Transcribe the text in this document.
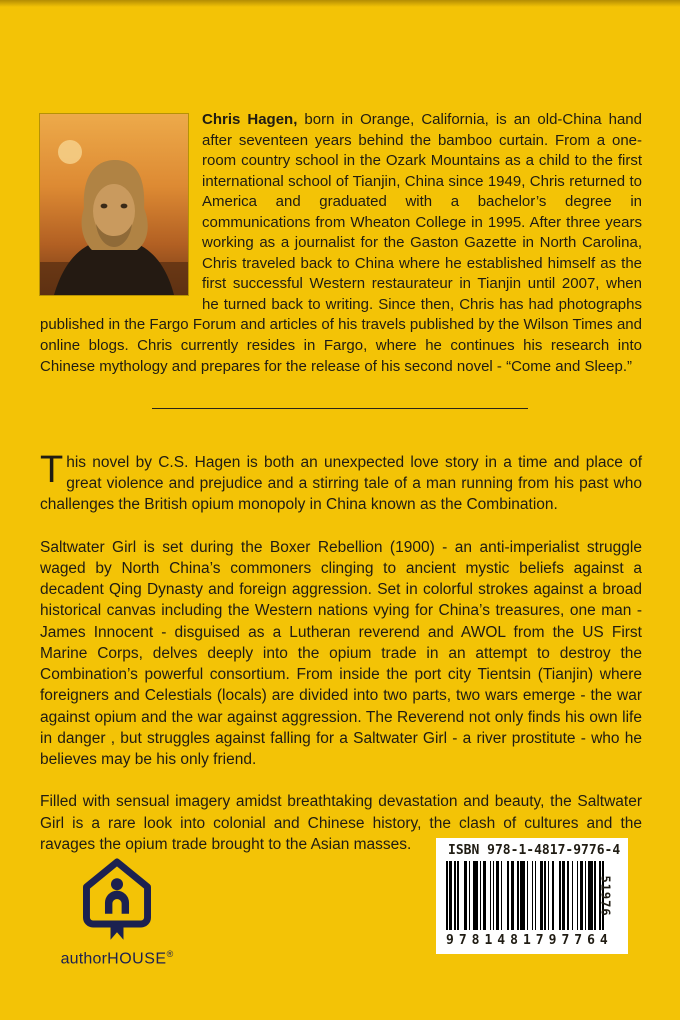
Chris Hagen, born in Orange, California, is an old-China hand after seventeen years behind the bamboo curtain. From a one-room country school in the Ozark Mountains as a child to the first international school of Tianjin, China since 1949, Chris returned to America and graduated with a bachelor’s degree in communications from Wheaton College in 1995. After three years working as a journalist for the Gaston Gazette in North Carolina, Chris traveled back to China where he established himself as the first successful Western restaurateur in Tianjin until 2007, when he turned back to writing. Since then, Chris has had photographs published in the Fargo Forum and articles of his travels published by the Wilson Times and online blogs. Chris currently resides in Fargo, where he continues his research into Chinese mythology and prepares for the release of his second novel - “Come and Sleep.”

This novel by C.S. Hagen is both an unexpected love story in a time and place of great violence and prejudice and a stirring tale of a man running from his past who challenges the British opium monopoly in China known as the Combination.

Saltwater Girl is set during the Boxer Rebellion (1900) - an anti-imperialist struggle waged by North China’s commoners clinging to ancient mystic beliefs against a decadent Qing Dynasty and foreign aggression. Set in colorful strokes against a broad historical canvas including the Western nations vying for China’s treasures, one man - James Innocent - disguised as a Lutheran reverend and AWOL from the US First Marine Corps, delves deeply into the opium trade in an attempt to destroy the Combination’s powerful consortium. From inside the port city Tientsin (Tianjin) where foreigners and Celestials (locals) are divided into two parts, two wars emerge - the war against opium and the war against aggression. The Reverend not only finds his own life in danger , but struggles against falling for a Saltwater Girl - a river prostitute - who he believes may be his only friend.

Filled with sensual imagery amidst breathtaking devastation and beauty, the Saltwater Girl is a rare look into colonial and Chinese history, the clash of cultures and the ravages the opium trade brought to the Asian masses.

authorHOUSE®
ISBN 978-1-4817-9776-4
51976
9781481797764
